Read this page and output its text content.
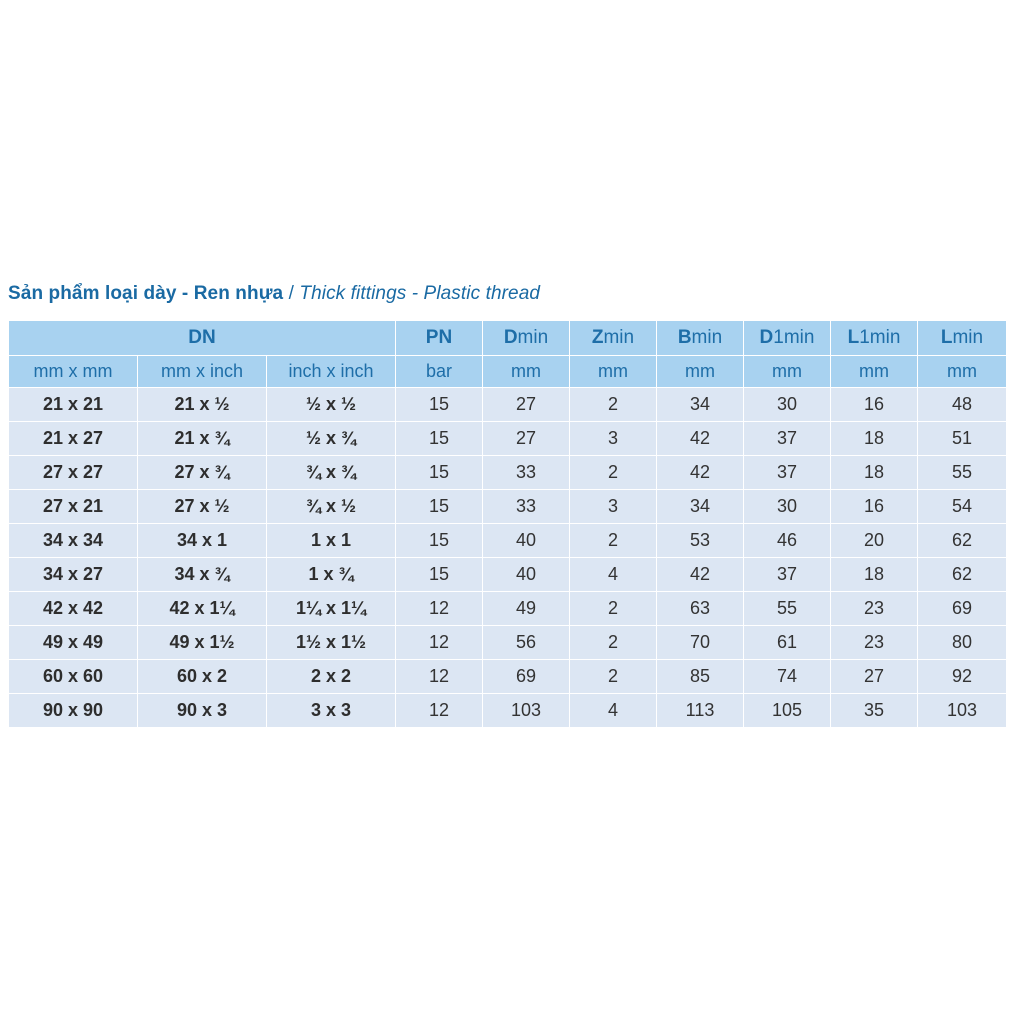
Sản phẩm loại dày - Ren nhựa / Thick fittings - Plastic thread
DN			PN	Dmin	Zmin	Bmin	D1min	L1min	Lmin
mm x mm	mm x inch	inch x inch	bar	mm	mm	mm	mm	mm	mm
21 x 21	21 x ½	½ x ½	15	27	2	34	30	16	48
21 x 27	21 x ¾	½ x ¾	15	27	3	42	37	18	51
27 x 27	27 x ¾	¾ x ¾	15	33	2	42	37	18	55
27 x 21	27 x ½	¾ x ½	15	33	3	34	30	16	54
34 x 34	34 x 1	1 x 1	15	40	2	53	46	20	62
34 x 27	34 x ¾	1 x ¾	15	40	4	42	37	18	62
42 x 42	42 x 1¼	1¼ x 1¼	12	49	2	63	55	23	69
49 x 49	49 x 1½	1½ x 1½	12	56	2	70	61	23	80
60 x 60	60 x 2	2 x 2	12	69	2	85	74	27	92
90 x 90	90 x 3	3 x 3	12	103	4	113	105	35	103
